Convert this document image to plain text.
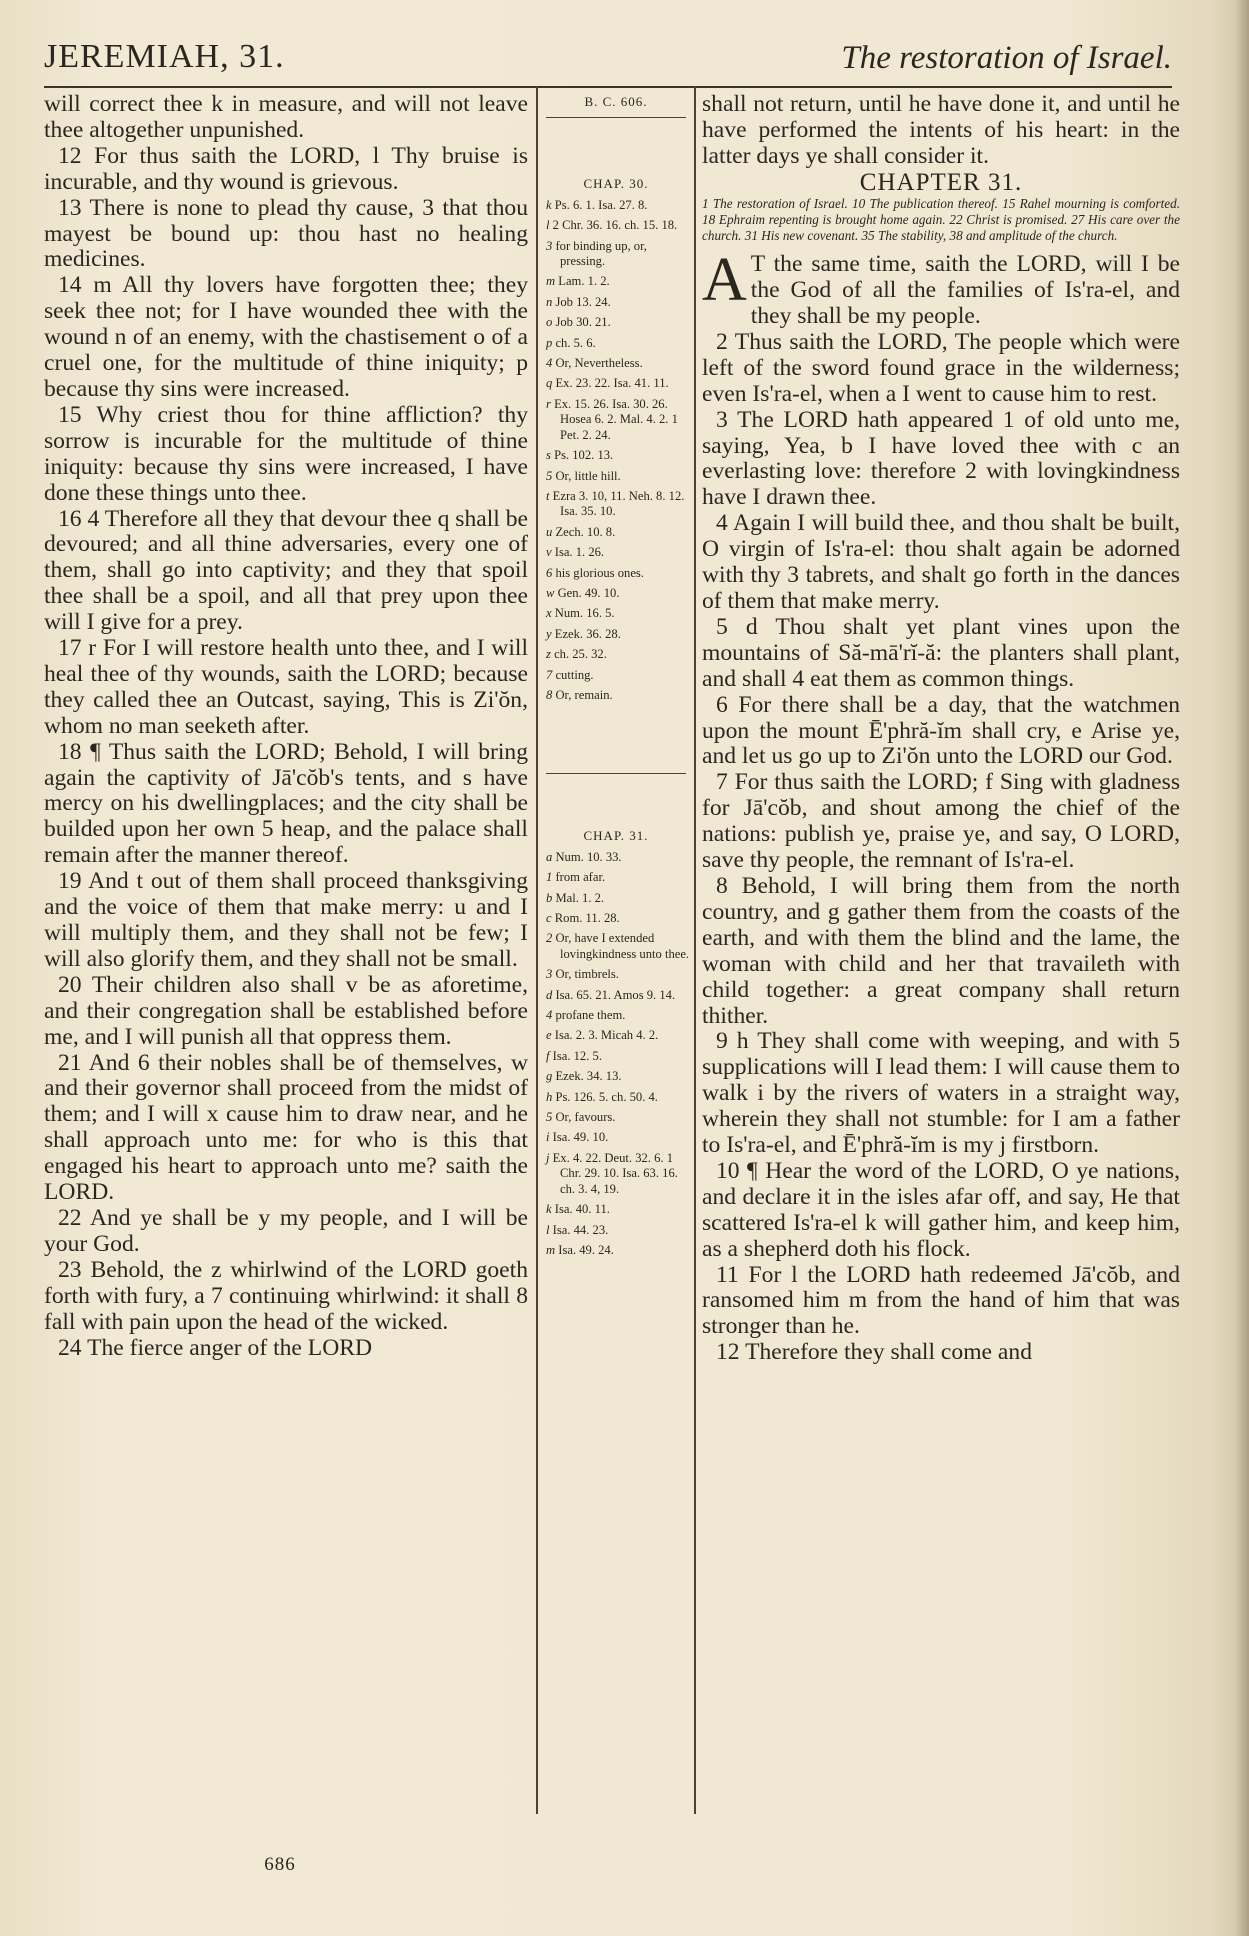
JEREMIAH, 31.	The restoration of Israel.

will correct thee k in measure, and will not leave thee altogether unpunished.

12 For thus saith the LORD, l Thy bruise is incurable, and thy wound is grievous.

13 There is none to plead thy cause, 3 that thou mayest be bound up: thou hast no healing medicines.

14 m All thy lovers have forgotten thee; they seek thee not; for I have wounded thee with the wound n of an enemy, with the chastisement o of a cruel one, for the multitude of thine iniquity; p because thy sins were increased.

15 Why criest thou for thine affliction? thy sorrow is incurable for the multitude of thine iniquity: because thy sins were increased, I have done these things unto thee.

16 4 Therefore all they that devour thee q shall be devoured; and all thine adversaries, every one of them, shall go into captivity; and they that spoil thee shall be a spoil, and all that prey upon thee will I give for a prey.

17 r For I will restore health unto thee, and I will heal thee of thy wounds, saith the LORD; because they called thee an Outcast, saying, This is Zi'ŏn, whom no man seeketh after.

18 ¶ Thus saith the LORD; Behold, I will bring again the captivity of Jā'cŏb's tents, and s have mercy on his dwellingplaces; and the city shall be builded upon her own 5 heap, and the palace shall remain after the manner thereof.

19 And t out of them shall proceed thanksgiving and the voice of them that make merry: u and I will multiply them, and they shall not be few; I will also glorify them, and they shall not be small.

20 Their children also shall v be as aforetime, and their congregation shall be established before me, and I will punish all that oppress them.

21 And 6 their nobles shall be of themselves, w and their governor shall proceed from the midst of them; and I will x cause him to draw near, and he shall approach unto me: for who is this that engaged his heart to approach unto me? saith the LORD.

22 And ye shall be y my people, and I will be your God.

23 Behold, the z whirlwind of the LORD goeth forth with fury, a 7 continuing whirlwind: it shall 8 fall with pain upon the head of the wicked.

24 The fierce anger of the LORD

B. C. 606.
CHAP. 30.
k Ps. 6. 1. Isa. 27. 8.
l 2 Chr. 36. 16. ch. 15. 18.
3 for binding up, or, pressing.
m Lam. 1. 2.
n Job 13. 24.
o Job 30. 21.
p ch. 5. 6.
4 Or, Nevertheless.
q Ex. 23. 22. Isa. 41. 11.
r Ex. 15. 26. Isa. 30. 26. Hosea 6. 2. Mal. 4. 2. 1 Pet. 2. 24.
s Ps. 102. 13.
5 Or, little hill.
t Ezra 3. 10, 11. Neh. 8. 12. Isa. 35. 10.
u Zech. 10. 8.
v Isa. 1. 26.
6 his glorious ones.
w Gen. 49. 10.
x Num. 16. 5.
y Ezek. 36. 28.
z ch. 25. 32.
7 cutting.
8 Or, remain.
CHAP. 31.
a Num. 10. 33.
1 from afar.
b Mal. 1. 2.
c Rom. 11. 28.
2 Or, have I extended lovingkindness unto thee.
3 Or, timbrels.
d Isa. 65. 21. Amos 9. 14.
4 profane them.
e Isa. 2. 3. Micah 4. 2.
f Isa. 12. 5.
g Ezek. 34. 13.
h Ps. 126. 5. ch. 50. 4.
5 Or, favours.
i Isa. 49. 10.
j Ex. 4. 22. Deut. 32. 6. 1 Chr. 29. 10. Isa. 63. 16. ch. 3. 4, 19.
k Isa. 40. 11.
l Isa. 44. 23.
m Isa. 49. 24.

shall not return, until he have done it, and until he have performed the intents of his heart: in the latter days ye shall consider it.

CHAPTER 31.

1 The restoration of Israel. 10 The publication thereof. 15 Rahel mourning is comforted. 18 Ephraim repenting is brought home again. 22 Christ is promised. 27 His care over the church. 31 His new covenant. 35 The stability, 38 and amplitude of the church.

A T the same time, saith the LORD, will I be the God of all the families of Is'ra-el, and they shall be my people.

2 Thus saith the LORD, The people which were left of the sword found grace in the wilderness; even Is'ra-el, when a I went to cause him to rest.

3 The LORD hath appeared 1 of old unto me, saying, Yea, b I have loved thee with c an everlasting love: therefore 2 with lovingkindness have I drawn thee.

4 Again I will build thee, and thou shalt be built, O virgin of Is'ra-el: thou shalt again be adorned with thy 3 tabrets, and shalt go forth in the dances of them that make merry.

5 d Thou shalt yet plant vines upon the mountains of Să-mā'rĭ-ă: the planters shall plant, and shall 4 eat them as common things.

6 For there shall be a day, that the watchmen upon the mount Ē'phră-ĭm shall cry, e Arise ye, and let us go up to Zi'ŏn unto the LORD our God.

7 For thus saith the LORD; f Sing with gladness for Jā'cŏb, and shout among the chief of the nations: publish ye, praise ye, and say, O LORD, save thy people, the remnant of Is'ra-el.

8 Behold, I will bring them from the north country, and g gather them from the coasts of the earth, and with them the blind and the lame, the woman with child and her that travaileth with child together: a great company shall return thither.

9 h They shall come with weeping, and with 5 supplications will I lead them: I will cause them to walk i by the rivers of waters in a straight way, wherein they shall not stumble: for I am a father to Is'ra-el, and Ē'phră-ĭm is my j firstborn.

10 ¶ Hear the word of the LORD, O ye nations, and declare it in the isles afar off, and say, He that scattered Is'ra-el k will gather him, and keep him, as a shepherd doth his flock.

11 For l the LORD hath redeemed Jā'cŏb, and ransomed him m from the hand of him that was stronger than he.

12 Therefore they shall come and

686
